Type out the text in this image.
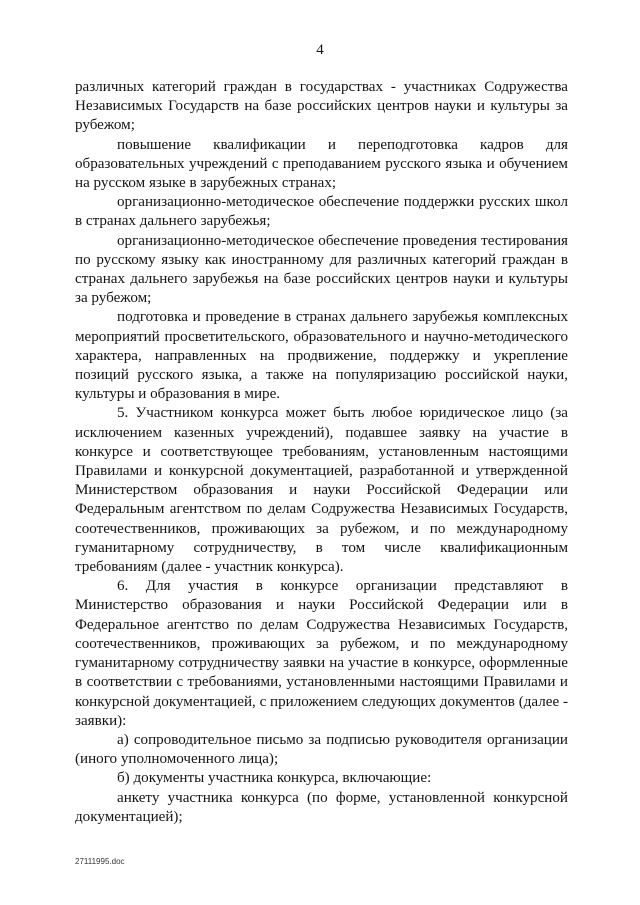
4

различных категорий граждан в государствах - участниках Содружества Независимых Государств на базе российских центров науки и культуры за рубежом;

повышение квалификации и переподготовка кадров для образовательных учреждений с преподаванием русского языка и обучением на русском языке в зарубежных странах;

организационно-методическое обеспечение поддержки русских школ в странах дальнего зарубежья;

организационно-методическое обеспечение проведения тестирования по русскому языку как иностранному для различных категорий граждан в странах дальнего зарубежья на базе российских центров науки и культуры за рубежом;

подготовка и проведение в странах дальнего зарубежья комплексных мероприятий просветительского, образовательного и научно-методического характера, направленных на продвижение, поддержку и укрепление позиций русского языка, а также на популяризацию российской науки, культуры и образования в мире.

5. Участником конкурса может быть любое юридическое лицо (за исключением казенных учреждений), подавшее заявку на участие в конкурсе и соответствующее требованиям, установленным настоящими Правилами и конкурсной документацией, разработанной и утвержденной Министерством образования и науки Российской Федерации или Федеральным агентством по делам Содружества Независимых Государств, соотечественников, проживающих за рубежом, и по международному гуманитарному сотрудничеству, в том числе квалификационным требованиям (далее - участник конкурса).

6. Для участия в конкурсе организации представляют в Министерство образования и науки Российской Федерации или в Федеральное агентство по делам Содружества Независимых Государств, соотечественников, проживающих за рубежом, и по международному гуманитарному сотрудничеству заявки на участие в конкурсе, оформленные в соответствии с требованиями, установленными настоящими Правилами и конкурсной документацией, с приложением следующих документов (далее - заявки):

а) сопроводительное письмо за подписью руководителя организации (иного уполномоченного лица);

б) документы участника конкурса, включающие:

анкету участника конкурса (по форме, установленной конкурсной документацией);

27111995.doc
